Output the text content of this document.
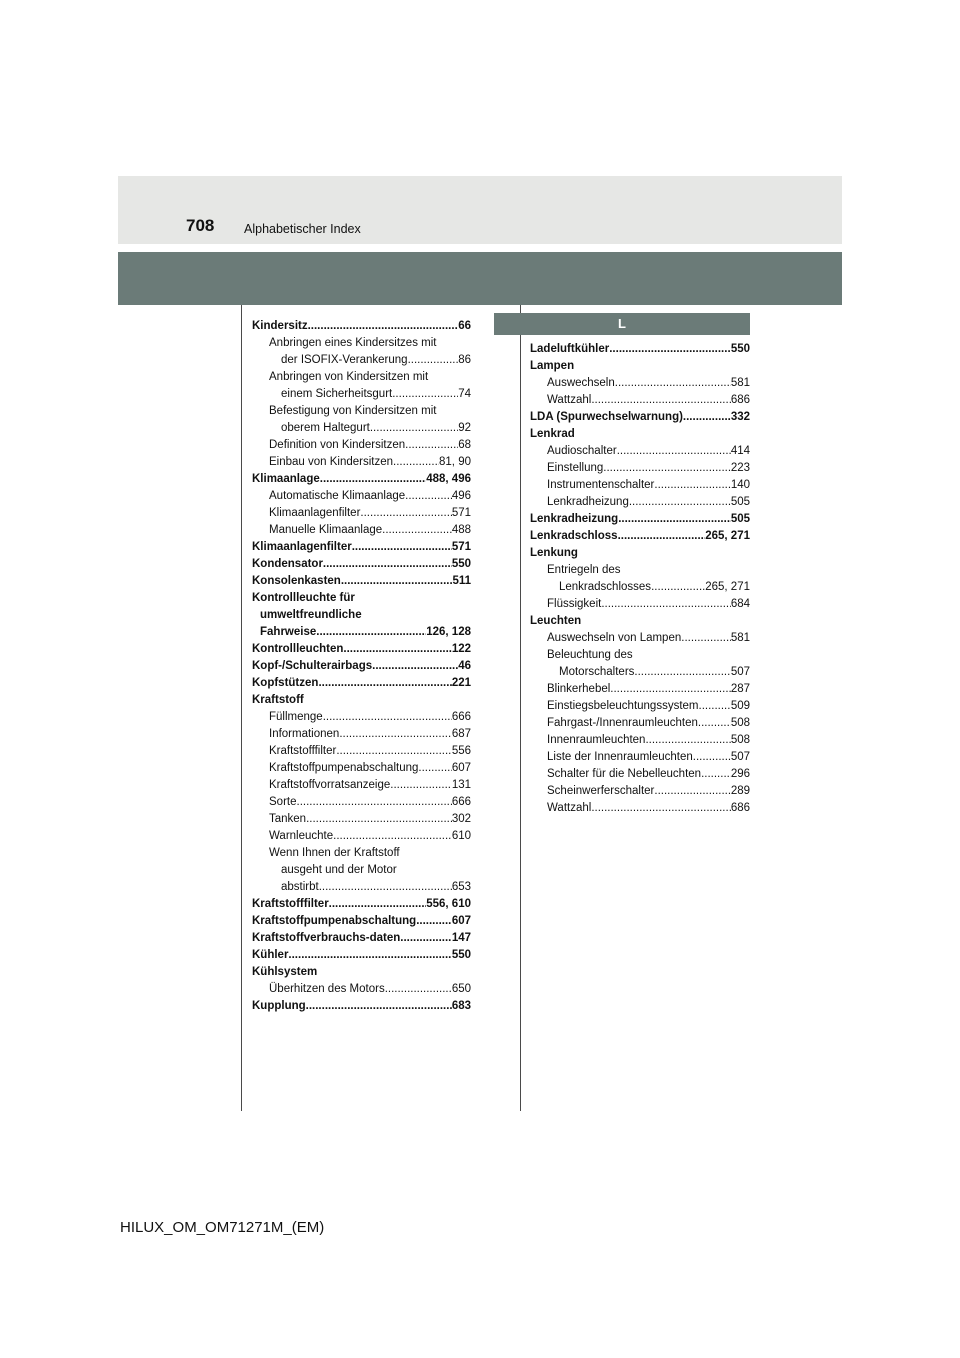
708 Alphabetischer Index
Kindersitz .....	66
Anbringen eines Kindersitzes mit
der ISOFIX-Verankerung .....	86
Anbringen von Kindersitzen mit
einem Sicherheitsgurt .....	74
Befestigung von Kindersitzen mit
oberem Haltegurt .....	92
Definition von Kindersitzen .....	68
Einbau von Kindersitzen .....	81, 90
Klimaanlage .....	488, 496
Automatische Klimaanlage .....	496
Klimaanlagenfilter .....	571
Manuelle Klimaanlage .....	488
Klimaanlagenfilter .....	571
Kondensator .....	550
Konsolenkasten .....	511
Kontrollleuchte für
umweltfreundliche
Fahrweise .....	126, 128
Kontrollleuchten .....	122
Kopf-/Schulterairbags .....	46
Kopfstützen .....	221
Kraftstoff
Füllmenge .....	666
Informationen .....	687
Kraftstofffilter .....	556
Kraftstoffpumpenabschaltung .....	607
Kraftstoffvorratsanzeige .....	131
Sorte .....	666
Tanken .....	302
Warnleuchte .....	610
Wenn Ihnen der Kraftstoff
ausgeht und der Motor
abstirbt .....	653
Kraftstofffilter .....	556, 610
Kraftstoffpumpenabschaltung .....	607
Kraftstoffverbrauchs-daten .....	147
Kühler .....	550
Kühlsystem
Überhitzen des Motors .....	650
Kupplung .....	683
L
Ladeluftkühler .....	550
Lampen
Auswechseln .....	581
Wattzahl .....	686
LDA (Spurwechselwarnung) .....	332
Lenkrad
Audioschalter .....	414
Einstellung .....	223
Instrumentenschalter .....	140
Lenkradheizung .....	505
Lenkradheizung .....	505
Lenkradschloss .....	265, 271
Lenkung
Entriegeln des
Lenkradschlosses .....	265, 271
Flüssigkeit .....	684
Leuchten
Auswechseln von Lampen .....	581
Beleuchtung des
Motorschalters .....	507
Blinkerhebel .....	287
Einstiegsbeleuchtungssystem .....	509
Fahrgast-/Innenraumleuchten .....	508
Innenraumleuchten .....	508
Liste der Innenraumleuchten .....	507
Schalter für die Nebelleuchten .....	296
Scheinwerferschalter .....	289
Wattzahl .....	686
HILUX_OM_OM71271M_(EM)
